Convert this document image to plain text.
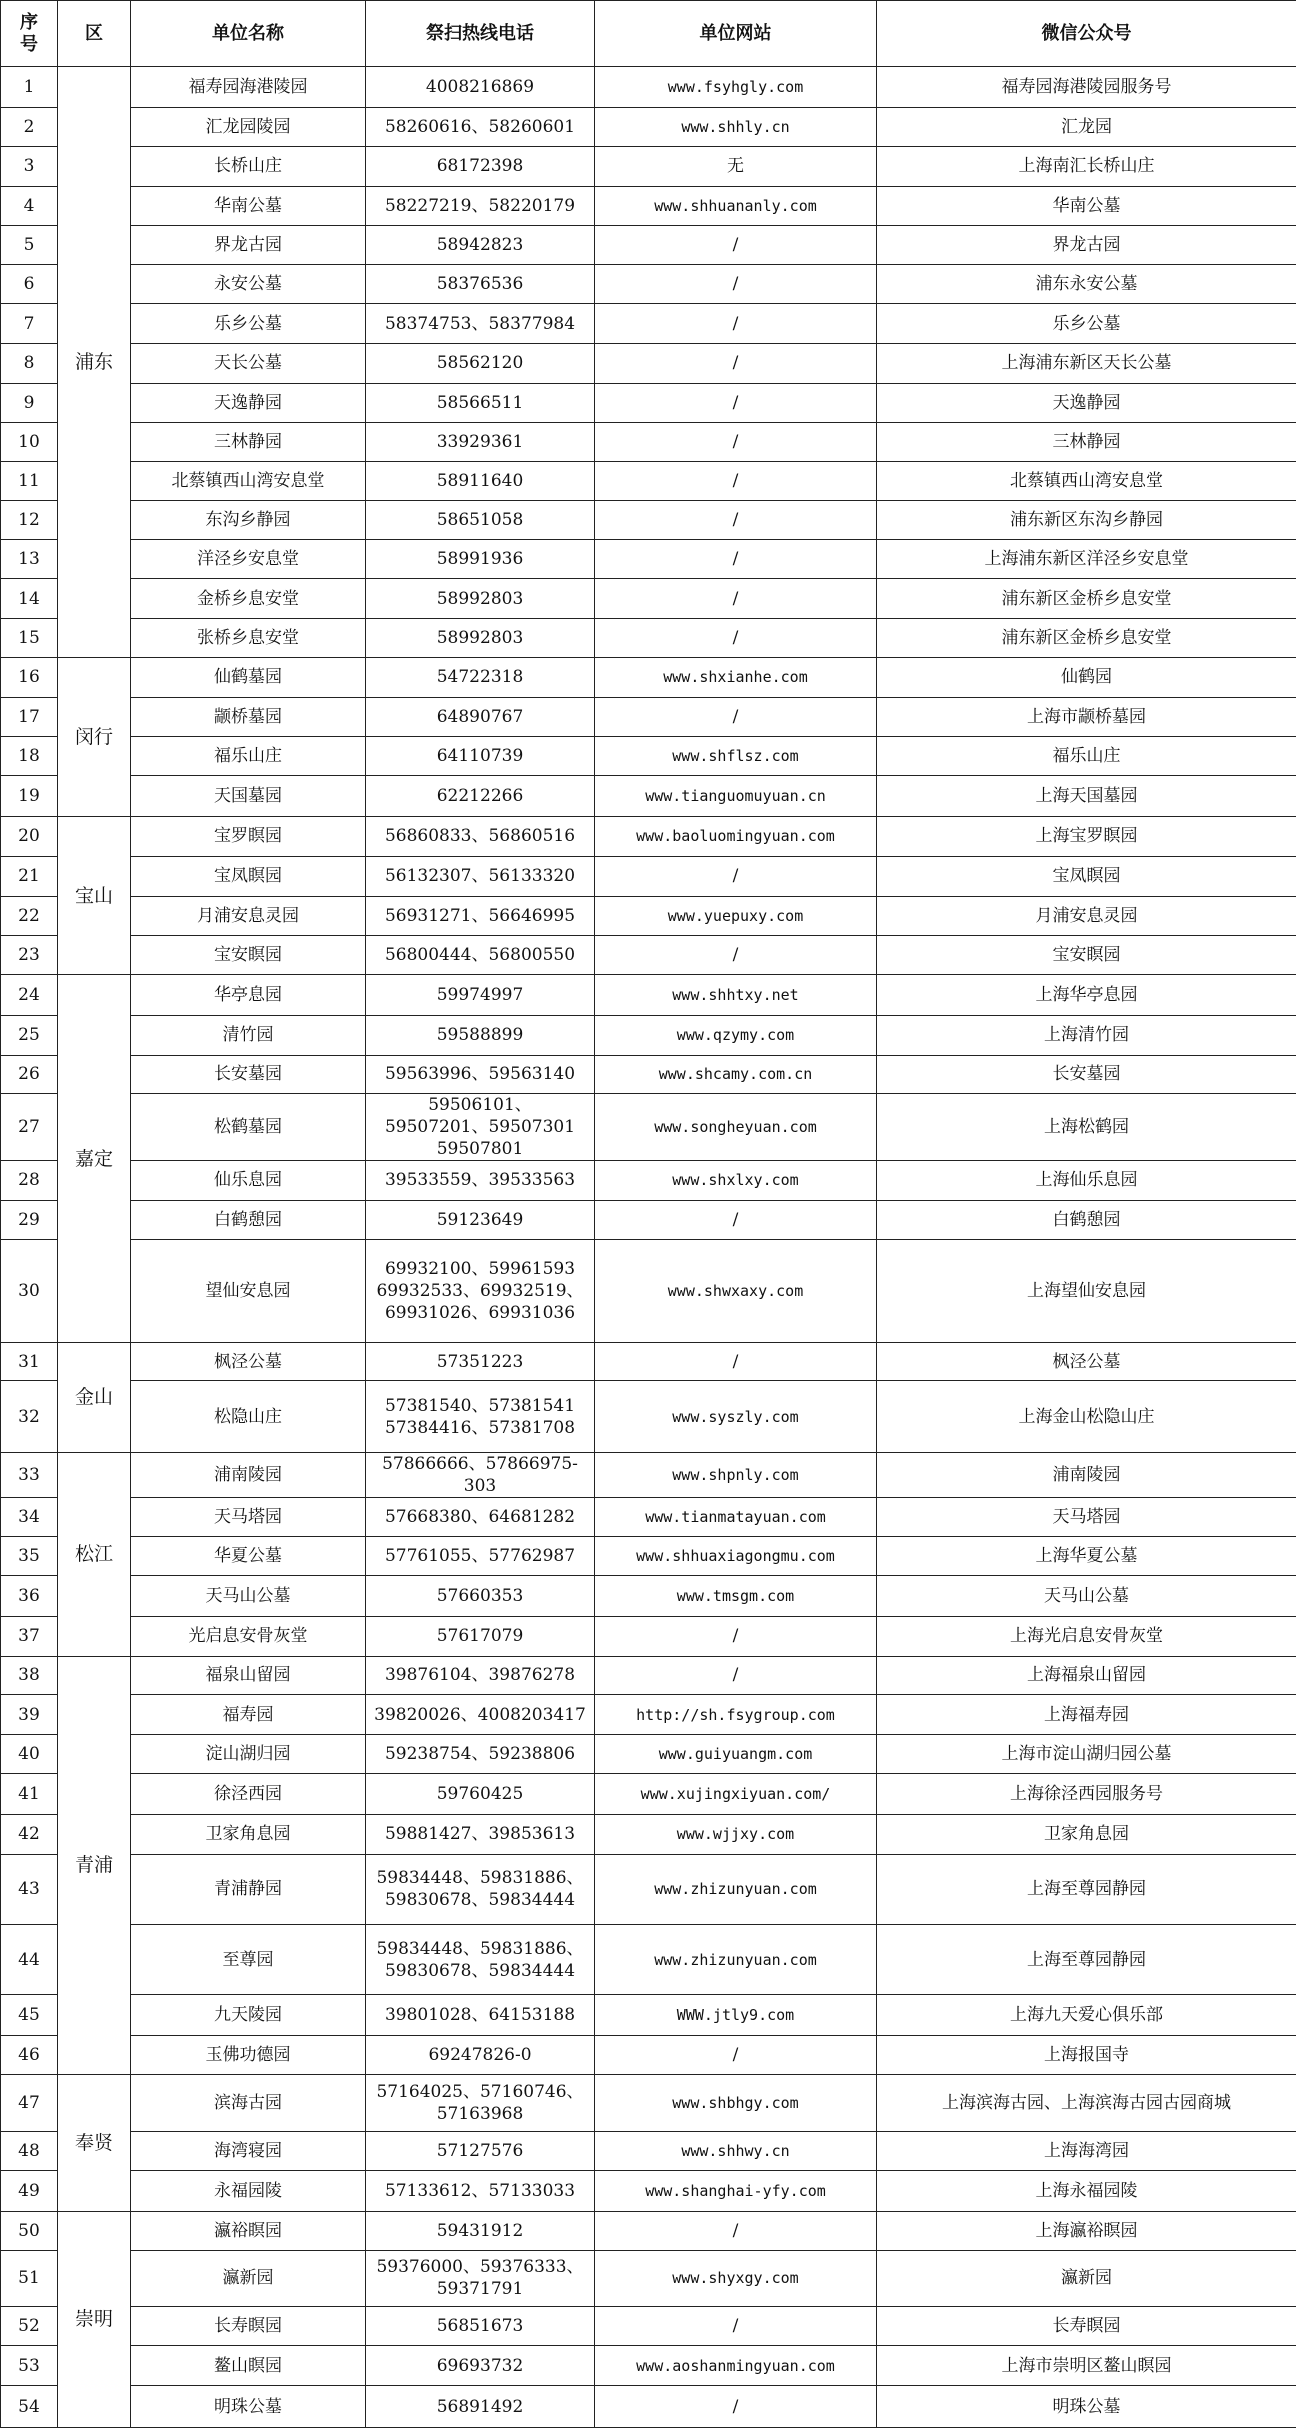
序
号	区	单位名称	祭扫热线电话	单位网站	微信公众号
1	浦东	福寿园海港陵园	4008216869	www.fsyhgly.com	福寿园海港陵园服务号
2		汇龙园陵园	58260616、58260601	www.shhly.cn	汇龙园
3		长桥山庄	68172398	无	上海南汇长桥山庄
4		华南公墓	58227219、58220179	www.shhuananly.com	华南公墓
5		界龙古园	58942823	/	界龙古园
6		永安公墓	58376536	/	浦东永安公墓
7		乐乡公墓	58374753、58377984	/	乐乡公墓
8		天长公墓	58562120	/	上海浦东新区天长公墓
9		天逸静园	58566511	/	天逸静园
10		三林静园	33929361	/	三林静园
11		北蔡镇西山湾安息堂	58911640	/	北蔡镇西山湾安息堂
12		东沟乡静园	58651058	/	浦东新区东沟乡静园
13		洋泾乡安息堂	58991936	/	上海浦东新区洋泾乡安息堂
14		金桥乡息安堂	58992803	/	浦东新区金桥乡息安堂
15		张桥乡息安堂	58992803	/	浦东新区金桥乡息安堂
16	闵行	仙鹤墓园	54722318	www.shxianhe.com	仙鹤园
17		颛桥墓园	64890767	/	上海市颛桥墓园
18		福乐山庄	64110739	www.shflsz.com	福乐山庄
19		天国墓园	62212266	www.tianguomuyuan.cn	上海天国墓园
20	宝山	宝罗瞑园	56860833、56860516	www.baoluomingyuan.com	上海宝罗瞑园
21		宝凤瞑园	56132307、56133320	/	宝凤瞑园
22		月浦安息灵园	56931271、56646995	www.yuepuxy.com	月浦安息灵园
23		宝安瞑园	56800444、56800550	/	宝安瞑园
24	嘉定	华亭息园	59974997	www.shhtxy.net	上海华亭息园
25		清竹园	59588899	www.qzymy.com	上海清竹园
26		长安墓园	59563996、59563140	www.shcamy.com.cn	长安墓园
27		松鹤墓园	59506101、
59507201、59507301
59507801	www.songheyuan.com	上海松鹤园
28		仙乐息园	39533559、39533563	www.shxlxy.com	上海仙乐息园
29		白鹤憩园	59123649	/	白鹤憩园
30		望仙安息园	69932100、59961593
69932533、69932519、
69931026、69931036	www.shwxaxy.com	上海望仙安息园
31	金山	枫泾公墓	57351223	/	枫泾公墓
32		松隐山庄	57381540、57381541
57384416、57381708	www.syszly.com	上海金山松隐山庄
33	松江	浦南陵园	57866666、57866975-303	www.shpnly.com	浦南陵园
34		天马塔园	57668380、64681282	www.tianmatayuan.com	天马塔园
35		华夏公墓	57761055、57762987	www.shhuaxiagongmu.com	上海华夏公墓
36		天马山公墓	57660353	www.tmsgm.com	天马山公墓
37		光启息安骨灰堂	57617079	/	上海光启息安骨灰堂
38	青浦	福泉山留园	39876104、39876278	/	上海福泉山留园
39		福寿园	39820026、4008203417	http://sh.fsygroup.com	上海福寿园
40		淀山湖归园	59238754、59238806	www.guiyuangm.com	上海市淀山湖归园公墓
41		徐泾西园	59760425	www.xujingxiyuan.com/	上海徐泾西园服务号
42		卫家角息园	59881427、39853613	www.wjjxy.com	卫家角息园
43		青浦静园	59834448、59831886、
59830678、59834444	www.zhizunyuan.com	上海至尊园静园
44		至尊园	59834448、59831886、
59830678、59834444	www.zhizunyuan.com	上海至尊园静园
45		九天陵园	39801028、64153188	WWW.jtly9.com	上海九天爱心俱乐部
46		玉佛功德园	69247826-0	/	上海报国寺
47	奉贤	滨海古园	57164025、57160746、
57163968	www.shbhgy.com	上海滨海古园、上海滨海古园古园商城
48		海湾寝园	57127576	www.shhwy.cn	上海海湾园
49		永福园陵	57133612、57133033	www.shanghai-yfy.com	上海永福园陵
50	崇明	瀛裕瞑园	59431912	/	上海瀛裕瞑园
51		瀛新园	59376000、59376333、
59371791	www.shyxgy.com	瀛新园
52		长寿瞑园	56851673	/	长寿瞑园
53		鳌山瞑园	69693732	www.aoshanmingyuan.com	上海市崇明区鳌山瞑园
54		明珠公墓	56891492	/	明珠公墓
